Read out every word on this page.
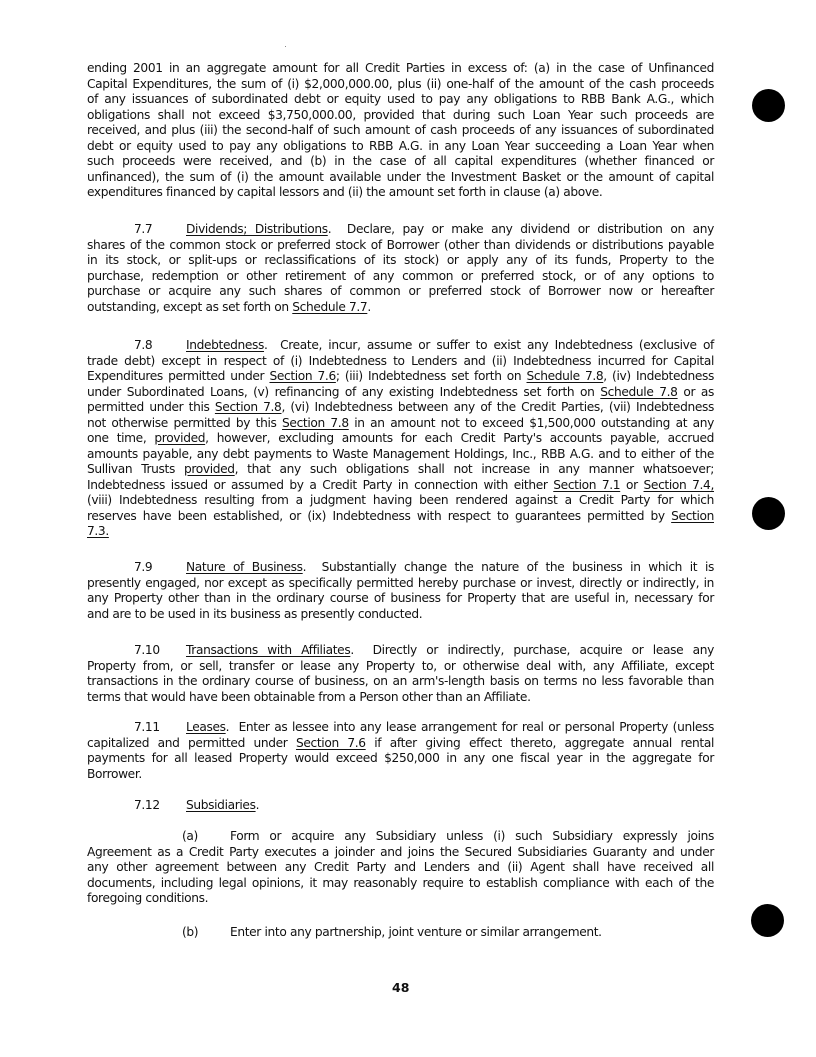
ending 2001 in an aggregate amount for all Credit Parties in excess of: (a) in the case of Unfinanced
Capital Expenditures, the sum of (i) $2,000,000.00, plus (ii) one-half of the amount of the cash proceeds
of any issuances of subordinated debt or equity used to pay any obligations to RBB Bank A.G., which
obligations shall not exceed $3,750,000.00, provided that during such Loan Year such proceeds are
received, and plus (iii) the second-half of such amount of cash proceeds of any issuances of subordinated
debt or equity used to pay any obligations to RBB A.G. in any Loan Year succeeding a Loan Year when
such proceeds were received, and (b) in the case of all capital expenditures (whether financed or
unfinanced), the sum of (i) the amount available under the Investment Basket or the amount of capital
expenditures financed by capital lessors and (ii) the amount set forth in clause (a) above.
7.7	Dividends; Distributions.  Declare, pay or make any dividend or distribution on any
shares of the common stock or preferred stock of Borrower (other than dividends or distributions payable
in its stock, or split-ups or reclassifications of its stock) or apply any of its funds, Property to the
purchase, redemption or other retirement of any common or preferred stock, or of any options to
purchase or acquire any such shares of common or preferred stock of Borrower now or hereafter
outstanding, except as set forth on Schedule 7.7.
7.8	Indebtedness.  Create, incur, assume or suffer to exist any Indebtedness (exclusive of
trade debt) except in respect of (i) Indebtedness to Lenders and (ii) Indebtedness incurred for Capital
Expenditures permitted under Section 7.6; (iii) Indebtedness set forth on Schedule 7.8, (iv) Indebtedness
under Subordinated Loans, (v) refinancing of any existing Indebtedness set forth on Schedule 7.8 or as
permitted under this Section 7.8, (vi) Indebtedness between any of the Credit Parties, (vii) Indebtedness
not otherwise permitted by this Section 7.8 in an amount not to exceed $1,500,000 outstanding at any
one time, provided, however, excluding amounts for each Credit Party's accounts payable, accrued
amounts payable, any debt payments to Waste Management Holdings, Inc., RBB A.G. and to either of the
Sullivan Trusts provided, that any such obligations shall not increase in any manner whatsoever;
Indebtedness issued or assumed by a Credit Party in connection with either Section 7.1 or Section 7.4,
(viii) Indebtedness resulting from a judgment having been rendered against a Credit Party for which
reserves have been established, or (ix) Indebtedness with respect to guarantees permitted by Section
7.3.
7.9	Nature of Business.  Substantially change the nature of the business in which it is
presently engaged, nor except as specifically permitted hereby purchase or invest, directly or indirectly, in
any Property other than in the ordinary course of business for Property that are useful in, necessary for
and are to be used in its business as presently conducted.
7.10 Transactions with Affiliates.  Directly or indirectly, purchase, acquire or lease any
Property from, or sell, transfer or lease any Property to, or otherwise deal with, any Affiliate, except
transactions in the ordinary course of business, on an arm's-length basis on terms no less favorable than
terms that would have been obtainable from a Person other than an Affiliate.
7.11 Leases.  Enter as lessee into any lease arrangement for real or personal Property (unless
capitalized and permitted under Section 7.6 if after giving effect thereto, aggregate annual rental
payments for all leased Property would exceed $250,000 in any one fiscal year in the aggregate for
Borrower.
7.12 Subsidiaries.
(a)	Form or acquire any Subsidiary unless (i) such Subsidiary expressly joins
Agreement as a Credit Party executes a joinder and joins the Secured Subsidiaries Guaranty and under
any other agreement between any Credit Party and Lenders and (ii) Agent shall have received all
documents, including legal opinions, it may reasonably require to establish compliance with each of the
foregoing conditions.
(b)	Enter into any partnership, joint venture or similar arrangement.
48
